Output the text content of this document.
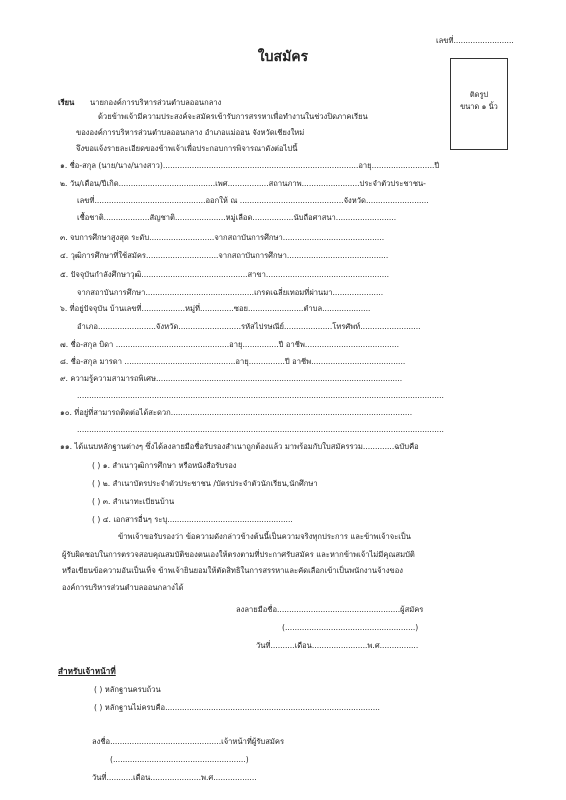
เลขที่.........................
ใบสมัคร
ติดรูป
ขนาด ๑ นิ้ว
เรียน นายกองค์การบริหารส่วนตำบลออนกลาง
ด้วยข้าพเจ้ามีความประสงค์จะสมัครเข้ารับการสรรหาเพื่อทำงานในช่วงปิดภาคเรียน
ขององค์การบริหารส่วนตำบลออนกลาง อำเภอแม่ออน จังหวัดเชียงใหม่
จึงขอแจ้งรายละเอียดของข้าพเจ้าเพื่อประกอบการพิจารณาดังต่อไปนี้
๑. ชื่อ-สกุล (นาย/นาง/นางสาว).................................................................................อายุ..........................ปี
๒. วัน/เดือน/ปีเกิด........................................เพศ.................สถานภาพ........................ประจำตัวประชาชน-
เลขที่..............................................ออกให้ ณ ...........................................จังหวัด..........................
เชื้อชาติ...................สัญชาติ.....................หมู่เลือด.................นับถือศาสนา.........................
๓. จบการศึกษาสูงสุด ระดับ...........................จากสถาบันการศึกษา..........................................
๔. วุฒิการศึกษาที่ใช้สมัคร..............................จากสถาบันการศึกษา..........................................
๕. ปัจจุบันกำลังศึกษาวุฒิ............................................สาขา...................................................
จากสถาบันการศึกษา.............................................เกรดเฉลี่ยเทอมที่ผ่านมา.....................
๖. ที่อยู่ปัจจุบัน บ้านเลขที่..................หมู่ที่..............ซอย.......................ตำบล....................
อำเภอ........................จังหวัด..........................รหัสไปรษณีย์....................โทรศัพท์.........................
๗. ชื่อ-สกุล บิดา ...............................................อายุ...............ปี อาชีพ.......................................
๘. ชื่อ-สกุล มารดา ..............................................อายุ...............ปี อาชีพ.......................................
๙. ความรู้ความสามารถพิเศษ......................................................................................................
........................................................................................................................................................
๑๐. ที่อยู่ที่สามารถติดต่อได้สะดวก....................................................................................................
........................................................................................................................................................
๑๑. ได้แนบหลักฐานต่างๆ ซึ่งได้ลงลายมือชื่อรับรองสำเนาถูกต้องแล้ว มาพร้อมกับใบสมัครรวม.............ฉบับคือ
( ) ๑. สำเนาวุฒิการศึกษา หรือหนังสือรับรอง
( ) ๒. สำเนาบัตรประจำตัวประชาชน /บัตรประจำตัวนักเรียน,นักศึกษา
( ) ๓. สำเนาทะเบียนบ้าน
( ) ๔. เอกสารอื่นๆ ระบุ....................................................
ข้าพเจ้าขอรับรองว่า ข้อความดังกล่าวข้างต้นนี้เป็นความจริงทุกประการ และข้าพเจ้าจะเป็น
ผู้รับผิดชอบในการตรวจสอบคุณสมบัติของตนเองให้ตรงตามที่ประกาศรับสมัคร และหากข้าพเจ้าไม่มีคุณสมบัติ
หรือเขียนข้อความอันเป็นเท็จ ข้าพเจ้ายินยอมให้ตัดสิทธิในการสรรหาและคัดเลือกเข้าเป็นพนักงานจ้างของ
องค์การบริหารส่วนตำบลออนกลางได้
ลงลายมือชื่อ...................................................ผู้สมัคร
(......................................................)
วันที่..........เดือน.......................พ.ศ................
สำหรับเจ้าหน้าที่
( ) หลักฐานครบถ้วน
( ) หลักฐานไม่ครบคือ.........................................................................................
ลงชื่อ..............................................เจ้าหน้าที่ผู้รับสมัคร
(.......................................................)
วันที่...........เดือน.....................พ.ศ..................
